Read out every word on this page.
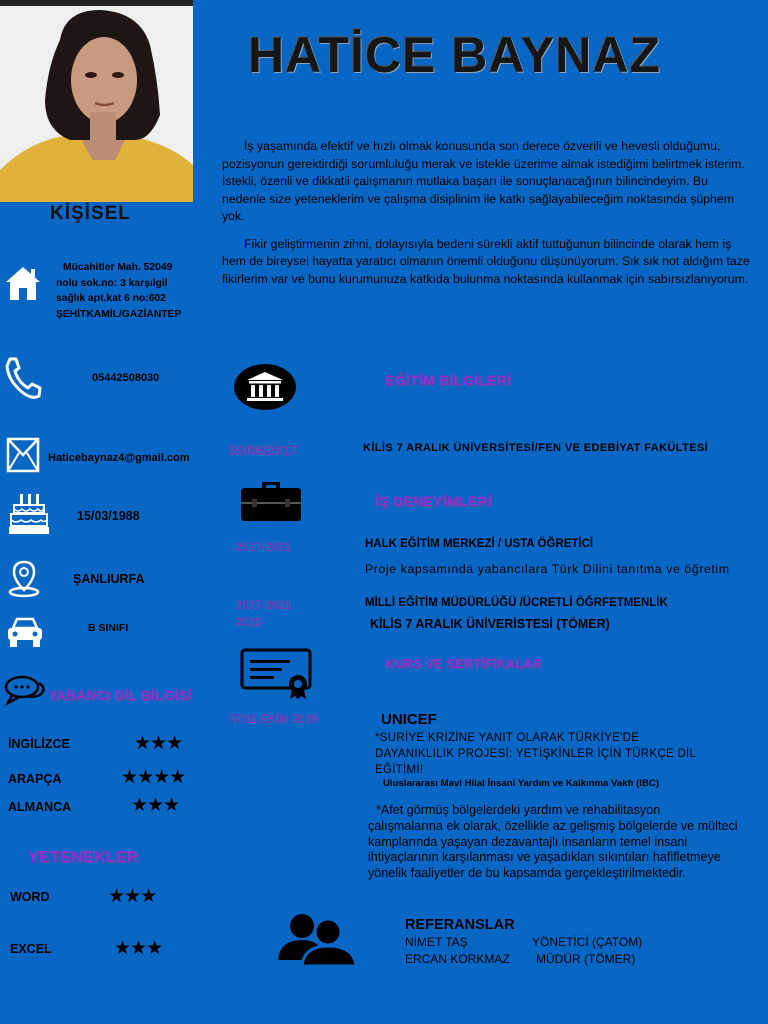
HATİCE BAYNAZ

İş yaşamında efektif ve hızlı olmak konusunda son derece özverili ve hevesli olduğumu, pozisyonun gerektirdiği sorumluluğu merak ve istekle üzerime almak istediğimi belirtmek isterim. İstekli, özenli ve dikkatli çalışmanın mutlaka başarı ile sonuçlanacağının bilincindeyim. Bu nedenle size yeteneklerim ve çalışma disiplinim ile katkı sağlayabileceğim noktasında şüphem yok.

Fikir geliştirmenin zihni, dolayısıyla bedeni sürekli aktif tuttuğunun bilincinde olarak hem iş hem de bireysel hayatta yaratıcı olmanın önemli olduğunu düşünüyorum. Sık sık not aldığım taze fikirlerim var ve bunu kurumunuza katkıda bulunma noktasında kullanmak için sabırsızlanıyorum.

KİŞİSEL
Mücahitler Mah. 52049
nolu sok.no: 3 karşılgil
sağlık apt.kat 6 no:602
ŞEHİTKAMİL/GAZİANTEP
05442508030
Haticebaynaz4@gmail.com
15/03/1988
ŞANLIURFA
B SINIFI
YABANCI DİL BİLGİSİ
İNGİLİZCE	★★★
ARAPÇA	★★★★
ALMANCA	★★★
YETENEKLER
WORD	★★★
EXCEL	★★★
EĞİTİM BİLGİLERİ
16/06/2017	KİLİS 7 ARALIK ÜNİVERSİTESİ/FEN VE EDEBİYAT FAKÜLTESİ
İŞ DENEYİMLERİ
2017-2021	HALK EĞİTİM MERKEZİ / USTA ÖĞRETİCİ
Proje kapsamında yabancılara Türk Dilini tanıtma ve öğretim
2017-2021	MİLLİ EĞİTİM MÜDÜRLÜĞÜ /ÜCRETLİ ÖĞRFETMENLİK
2022-	KİLİS 7 ARALIK ÜNİVERİSTESİ (TÖMER)
KURS VE SERTİFİKALAR
07/11 EKİM 2019	UNICEF
*SURİYE KRİZİNE YANIT OLARAK TÜRKİYE'DE DAYANIKLILIK PROJESİ: YETİŞKİNLER İÇİN TÜRKÇE DİL EĞİTİMİ!
Uluslararası Mavi Hilal İnsani Yardım ve Kalkınma Vakfı (IBC)
*Afet görmüş bölgelerdeki yardım ve rehabilitasyon çalışmalarına ek olarak, özellikle az gelişmiş bölgelerde ve mülteci kamplarında yaşayan dezavantajlı insanların temel insani ihtiyaçlarının karşılanması ve yaşadıkları sıkıntıları hafifletmeye yönelik faaliyetler de bu kapsamda gerçekleştirilmektedir.
REFERANSLAR
NİMET TAŞ	YÖNETİCİ (ÇATOM)
ERCAN KORKMAZ MÜDÜR (TÖMER)
